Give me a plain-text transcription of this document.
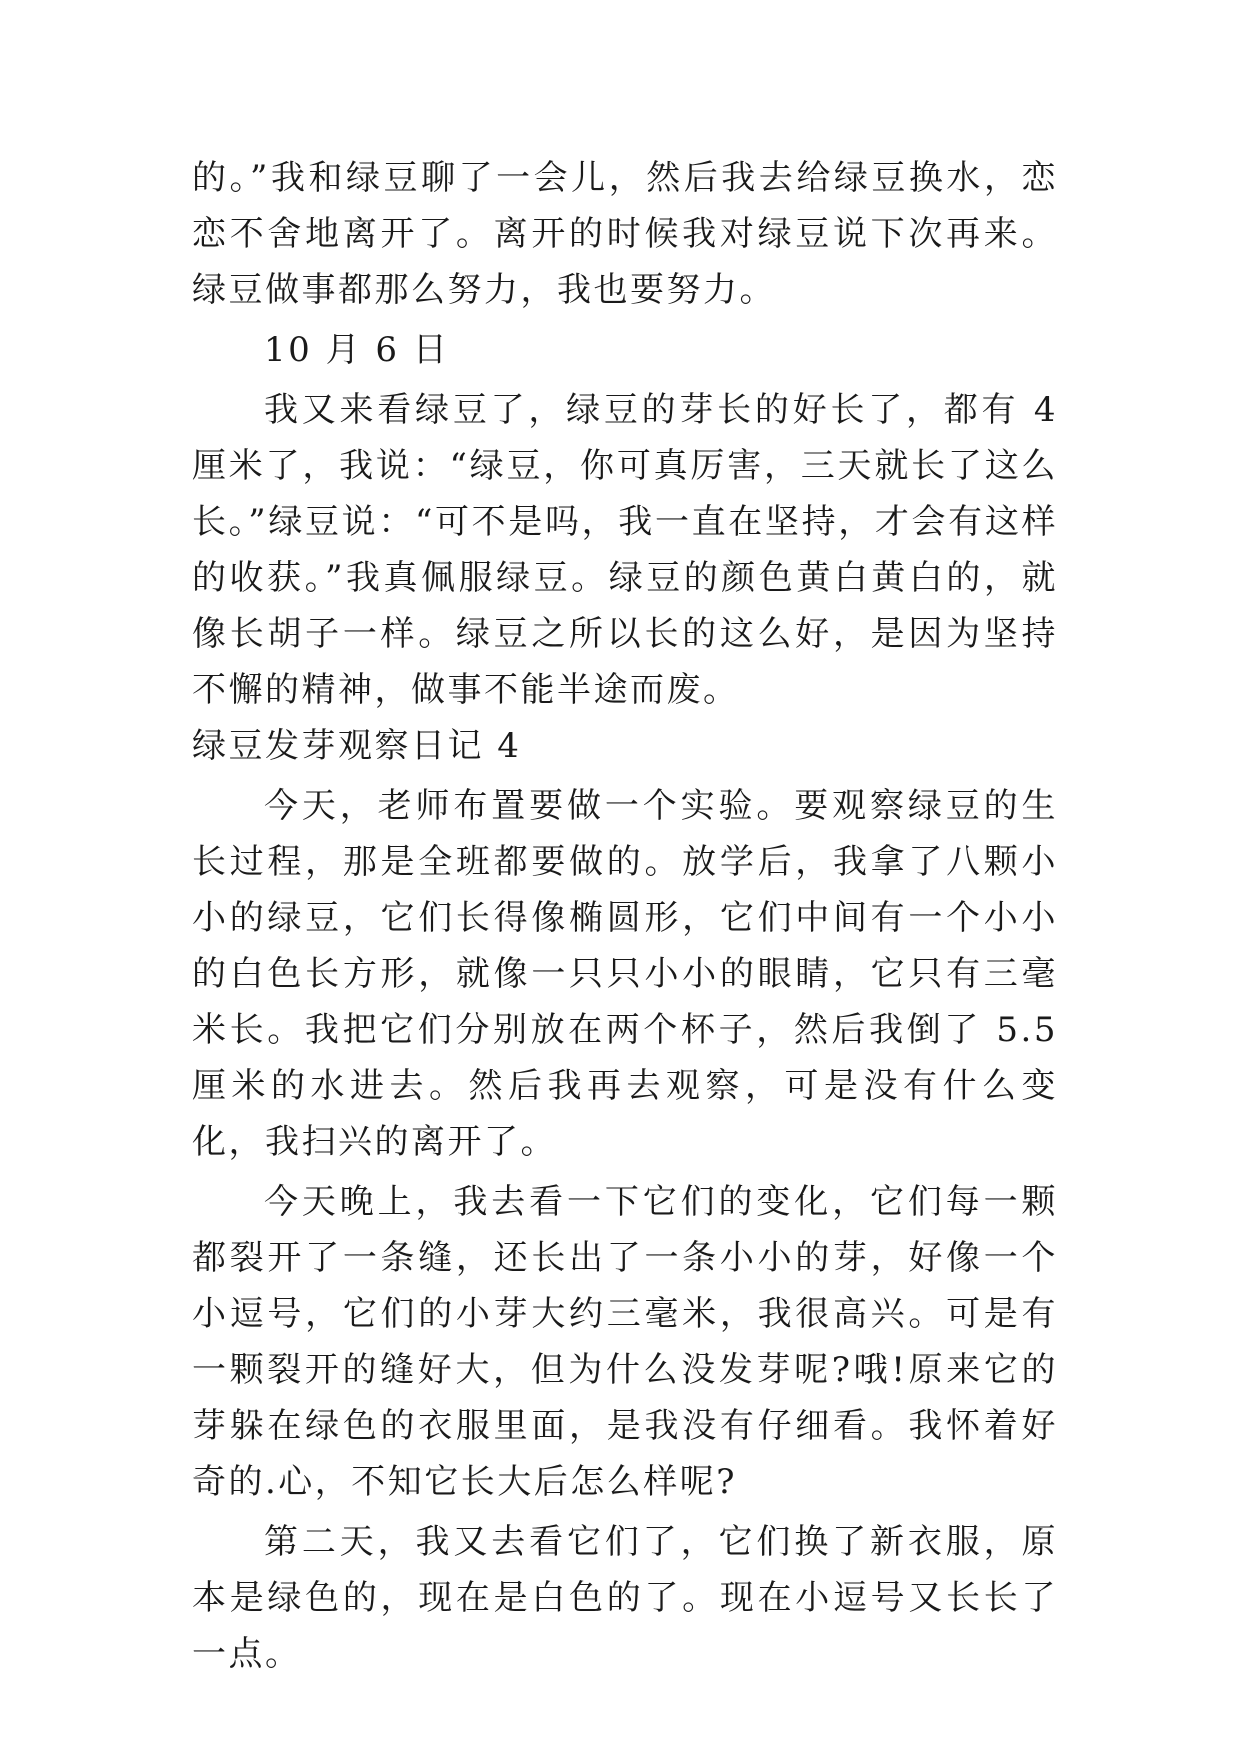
的。”我和绿豆聊了一会儿，然后我去给绿豆换水，恋恋不舍地离开了。离开的时候我对绿豆说下次再来。绿豆做事都那么努力，我也要努力。

10 月 6 日

我又来看绿豆了，绿豆的芽长的好长了，都有 4 厘米了，我说：“绿豆，你可真厉害，三天就长了这么长。”绿豆说：“可不是吗，我一直在坚持，才会有这样的收获。”我真佩服绿豆。绿豆的颜色黄白黄白的，就像长胡子一样。绿豆之所以长的这么好，是因为坚持不懈的精神，做事不能半途而废。

绿豆发芽观察日记 4

今天，老师布置要做一个实验。要观察绿豆的生长过程，那是全班都要做的。放学后，我拿了八颗小小的绿豆，它们长得像椭圆形，它们中间有一个小小的白色长方形，就像一只只小小的眼睛，它只有三毫米长。我把它们分别放在两个杯子，然后我倒了 5.5 厘米的水进去。然后我再去观察，可是没有什么变化，我扫兴的离开了。

今天晚上，我去看一下它们的变化，它们每一颗都裂开了一条缝，还长出了一条小小的芽，好像一个小逗号，它们的小芽大约三毫米，我很高兴。可是有一颗裂开的缝好大，但为什么没发芽呢?哦!原来它的芽躲在绿色的衣服里面，是我没有仔细看。我怀着好奇的.心，不知它长大后怎么样呢?

第二天，我又去看它们了，它们换了新衣服，原本是绿色的，现在是白色的了。现在小逗号又长长了一点。
